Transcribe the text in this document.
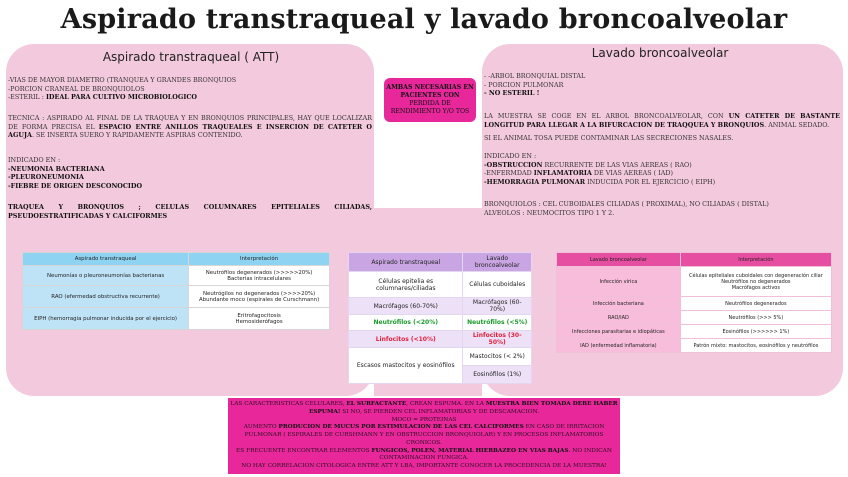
Aspirado transtraqueal y lavado broncoalveolar
Aspirado transtraqueal ( ATT)
-VIAS DE MAYOR DIAMETRO (TRANQUEA Y GRANDES BRONQUIOS
-PORCION CRANEAL DE BRONQUIOLOS
-ESTERIL : IDEAL PARA CULTIVO MICROBIOLOGICO
TECNICA : ASPIRADO AL FINAL DE LA TRAQUEA Y EN BRONQUIOS PRINCIPALES, HAY QUE LOCALIZAR DE FORMA PRECISA EL ESPACIO ENTRE ANILLOS TRAQUEALES E INSERCION DE CATETER O AGUJA. SE INSERTA SUERO Y RAPIDAMENTE ASPIRAS CONTENIDO.
INDICADO EN :
-NEUMONIA BACTERIANA
-PLEURONEUMONIA
-FIEBRE DE ORIGEN DESCONOCIDO
TRAQUEA Y BRONQUIOS ; CELULAS COLUMNARES EPITELIALES CILIADAS, PSEUDOESTRATIFICADAS Y CALCIFORMES
AMBAS NECESARIAS EN PACIENTES CON
PERDIDA DE RENDIMIENTO Y/O TOS
Lavado broncoalveolar
- -ARBOL BRONQUIAL DISTAL
- PORCION PULMONAR
- NO ESTERIL !
LA MUESTRA SE COGE EN EL ARBOL BRONCOALVEOLAR, CON UN CATETER DE BASTANTE LONGITUD PARA LLEGAR A LA BIFURCACION DE TRAQQUEA Y BRONQUIOS. ANIMAL SEDADO.
SI EL ANIMAL TOSA PUEDE CONTAMINAR LAS SECRECIONES NASALES.
INDICADO EN :
-OBSTRUCCION RECURRENTE DE LAS VIAS AEREAS ( RAO)
-ENFERMDAD INFLAMATORIA DE VIAS AEREAS ( IAD)
-HEMORRAGIA PULMONAR INDUCIDA POR EL EJERCICIO ( EIPH)
BRONQUIOLOS : CEL CUBOIDALES CILIADAS ( PROXIMAL), NO CILIADAS ( DISTAL)
ALVEOLOS : NEUMOCITOS TIPO 1 Y 2.
Aspirado transtraqueal	Interpretación
Neumonías o pleuroneumonías bacterianas	Neutrófilos degenerados (>>>>>20%)
Bacterias intracelulares

RAO (efermedad obstructiva recurrente)	Neutrógilos no degenerados (>>>>20%)
Abundante moco (espirales de Curschmann)

EIPH (hemorragia pulmonar inducida por el ejercicio)	Eritrofagocitosis
Hemosiderófagos
Aspirado transtraqueal	Lavado broncoalveolar
Células epitelia es columnares/ciliadas	Células cuboidales
Macrófagos (60-70%)	Macrófagos (60-70%)
Neutrófilos (<20%)	Neutrófilos (<5%)
Linfocitos (<10%)	Linfocitos (30-50%)
Escasos mastocitos y eosinófilos	Mastocitos (< 2%)
	Eosinófilos (1%)
Lavado broncoalveolar	Interpretación
Infección vírica	Células epiteliales cuboidales con degeneración ciliar
Neutrófilos no degenerados
Macrófagos activos

Infección bacteriana	Neutrófilos degenerados
RAO/IAD	Neutrófilos (>>> 5%)
Infecciones parasitarias e idiopáticas	Eosinófilos (>>>>>> 1%)
IAD (enfermedad inflamatoria)	Patrón mixto: mastocitos, eosinófilos y neutrófilos
LAS CARACTERISTICAS CELULARES, EL SURFACTANTE, CREAN ESPUMA. EN LA MUESTRA BIEN TOMADA DEBE HABER ESPUMA! SI NO, SE PIERDEN CEL INFLAMATORIAS Y DE DESCAMACION.
MOCO = PROTEINAS
AUMENTO PRODUCION DE MUCUS POR ESTIMULACION DE LAS CEL CALCIFORMES EN CASO DE IRRITACION PULMONAR ( ESPIRALES DE CURSHMANN Y EN OBSTRUCCION BRONQUIOLAR) Y EN PROCESOS INFLAMATORIOS CRONICOS.
ES FRECUENTE ENCONTRAR ELEMENTOS FUNGICOS, POLEN, MATERIAL HIERBAZEO EN VIAS BAJAS. NO INDICAN CONTAMINACION FUNGICA.
NO HAY CORRELACION CITOLOGICA ENTRE ATT Y LBA, IMPORTANTE CONOCER LA PROCEDENCIA DE LA MUESTRA!
